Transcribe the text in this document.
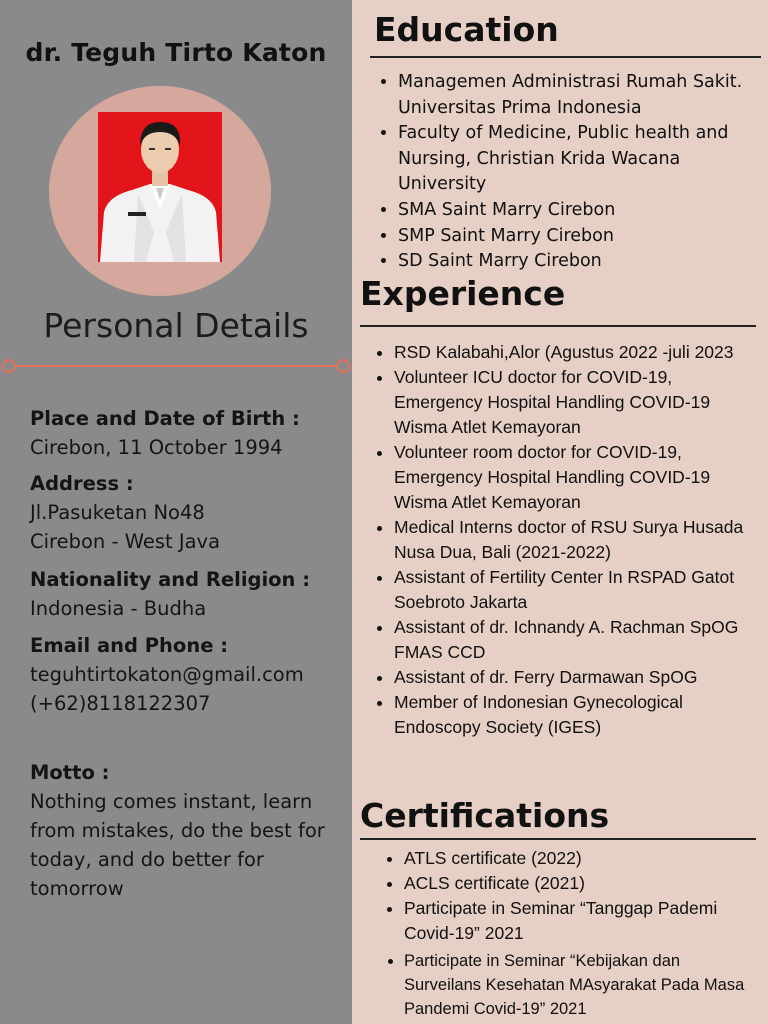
dr. Teguh Tirto Katon
Personal Details
Place and Date of Birth :
Cirebon, 11 October 1994
Address :
Jl.Pasuketan No48
Cirebon - West Java
Nationality and Religion :
Indonesia - Budha
Email and Phone :
teguhtirtokaton@gmail.com
(+62)8118122307
Motto :
Nothing comes instant, learn from mistakes, do the best for today, and do better for tomorrow
Education
• Managemen Administrasi Rumah Sakit. Universitas Prima Indonesia
• Faculty of Medicine, Public health and Nursing, Christian Krida Wacana University
• SMA Saint Marry Cirebon
• SMP Saint Marry Cirebon
• SD Saint Marry Cirebon
Experience
• RSD Kalabahi,Alor (Agustus 2022 -juli 2023
• Volunteer ICU doctor for COVID-19, Emergency Hospital Handling COVID-19 Wisma Atlet Kemayoran
• Volunteer room doctor for COVID-19, Emergency Hospital Handling COVID-19 Wisma Atlet Kemayoran
• Medical Interns doctor of RSU Surya Husada Nusa Dua, Bali (2021-2022)
• Assistant of Fertility Center In RSPAD Gatot Soebroto Jakarta
• Assistant of dr. Ichnandy A. Rachman SpOG FMAS CCD
• Assistant of dr. Ferry Darmawan SpOG
• Member of Indonesian Gynecological Endoscopy Society (IGES)
Certifications
• ATLS certificate (2022)
• ACLS certificate (2021)
• Participate in Seminar “Tanggap Pademi Covid-19” 2021
• Participate in Seminar “Kebijakan dan Surveilans Kesehatan MAsyarakat Pada Masa Pandemi Covid-19” 2021
